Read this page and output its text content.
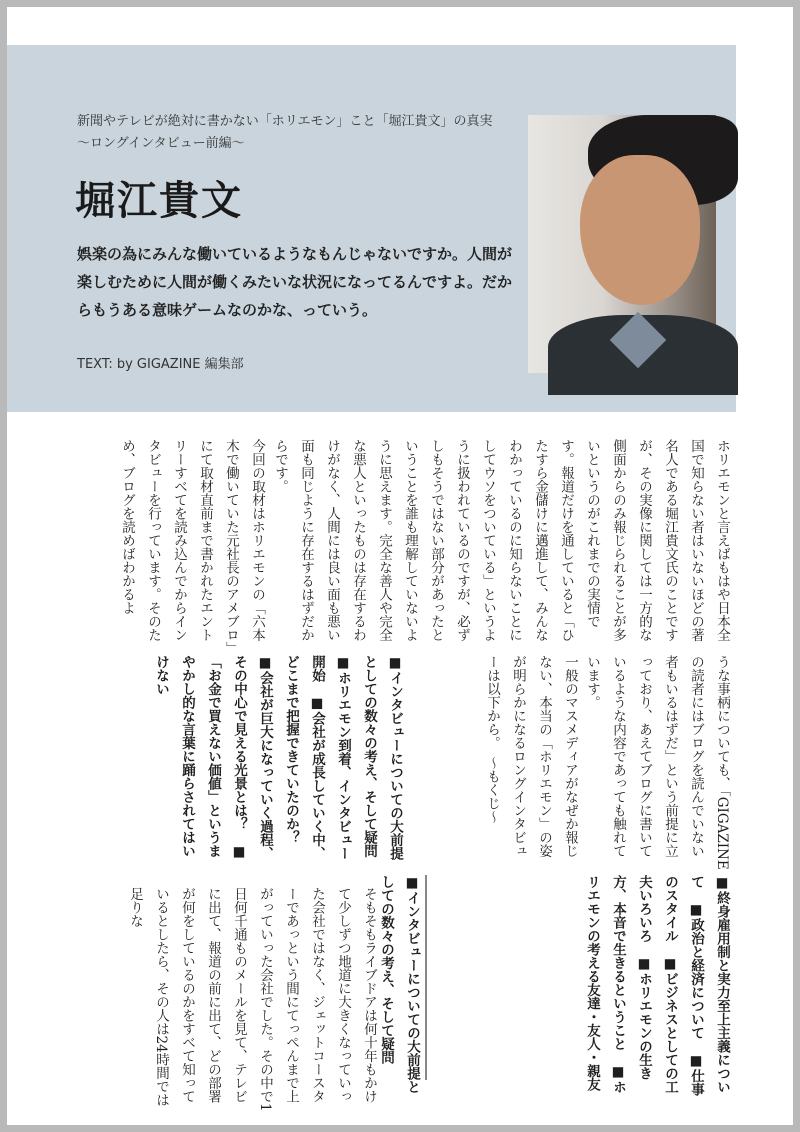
新聞やテレビが絶対に書かない「ホリエモン」こと「堀江貴文」の真実
〜ロングインタビュー前編〜
堀江貴文
娯楽の為にみんな働いているようなもんじゃないですか。人間が楽しむために人間が働くみたいな状況になってるんですよ。だからもうある意味ゲームなのかな、っていう。
TEXT: by GIGAZINE 編集部
ホリエモンと言えばもはや日本全国で知らない者はいないほどの著名人である堀江貴文氏のことですが、その実像に関しては一方的な側面からのみ報じられることが多いというのがこれまでの実情です。報道だけを通していると「ひたすら金儲けに邁進して、みんなわかっているのに知らないことにしてウソをついている」というように扱われているのですが、必ずしもそうではない部分があったということを誰も理解していないように思えます。完全な善人や完全な悪人といったものは存在するわけがなく、人間には良い面も悪い面も同じように存在するはずだからです。
今回の取材はホリエモンの「六本木で働いていた元社長のアメブロ」にて取材直前まで書かれたエントリーすべてを読み込んでからインタビューを行っています。そのため、ブログを読めばわかるよ
うな事柄についても、「GIGAZINEの読者にはブログを読んでいない者もいるはずだ」という前提に立っており、あえてブログに書いているような内容であっても触れています。
一般のマスメディアがなぜか報じない、本当の「ホリエモン」の姿が明らかになるロングインタビューは以下から。　〜もくじ〜
■インタビューについての大前提としての数々の考え、そして疑問　■ホリエモン到着、インタビュー開始　■会社が成長していく中、どこまで把握できていたのか？　■会社が巨大になっていく過程、その中心で見える光景とは？　■「お金で買えない価値」というまやかし的な言葉に踊らされてはいけない
■終身雇用制と実力至上主義について　■政治と経済について　■仕事のスタイル　■ビジネスとしての工夫いろいろ　■ホリエモンの生き方、本音で生きるということ　■ホリエモンの考える友達・友人・親友
■インタビューについての大前提としての数々の考え、そして疑問
そもそもライブドアは何十年もかけて少しずつ地道に大きくなっていった会社ではなく、ジェットコースターであっという間にてっぺんまで上がっていった会社でした。その中で1日何千通ものメールを見て、テレビに出て、報道の前に出て、どの部署が何をしているのかをすべて知っているとしたら、その人は24時間では足りな
